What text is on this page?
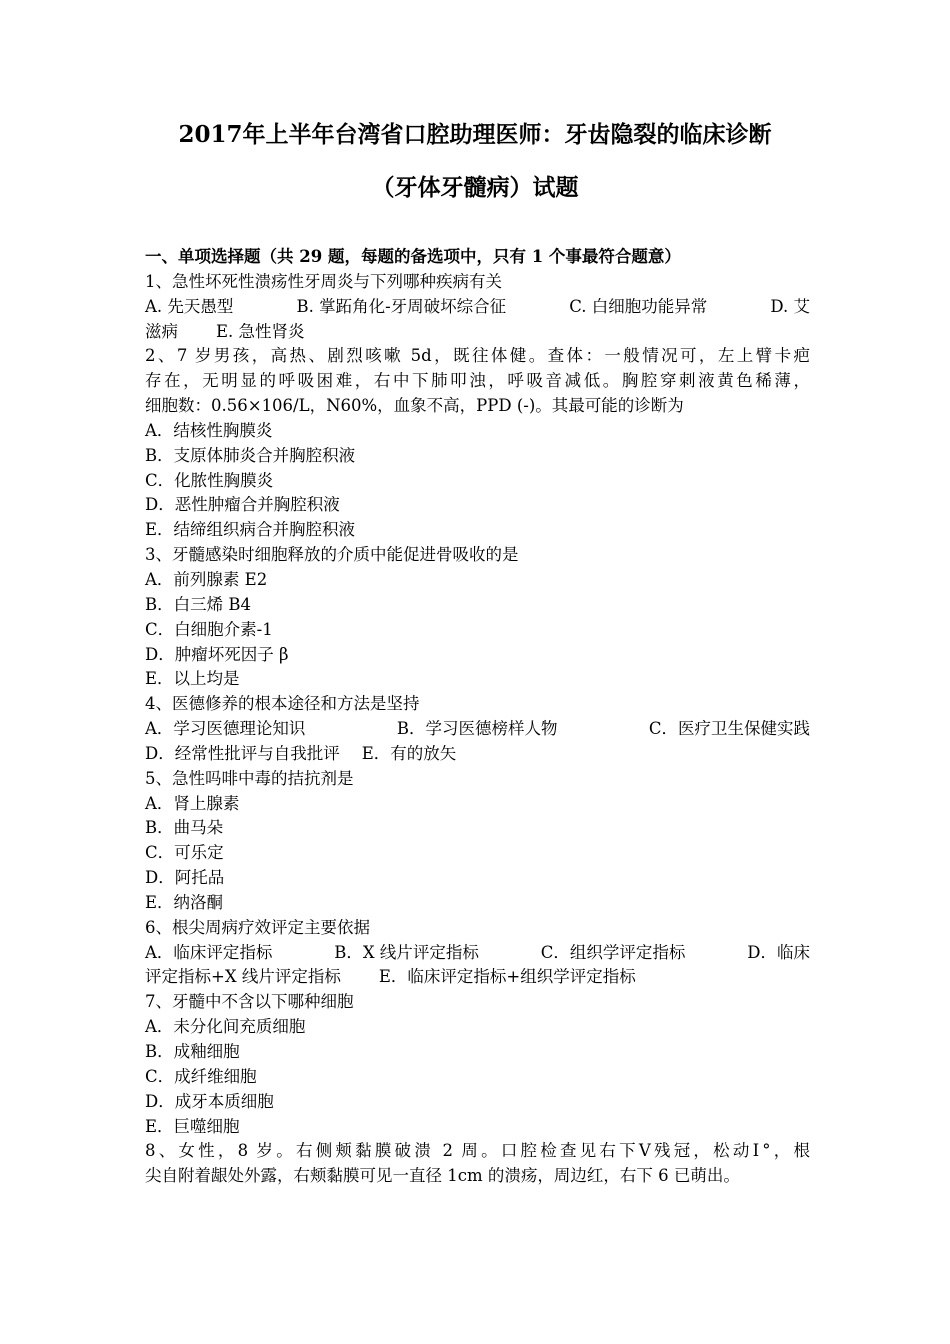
2017年上半年台湾省口腔助理医师：牙齿隐裂的临床诊断
（牙体牙髓病）试题
一、单项选择题（共 29 题，每题的备选项中，只有 1 个事最符合题意）
1、急性坏死性溃疡性牙周炎与下列哪种疾病有关
A. 先天愚型	B. 掌跖角化-牙周破坏综合征	C. 白细胞功能异常	D. 艾
滋病 E. 急性肾炎
2、7 岁男孩，高热、剧烈咳嗽 5d，既往体健。查体：一般情况可，左上臂卡疤
存在，无明显的呼吸困难，右中下肺叩浊，呼吸音减低。胸腔穿刺液黄色稀薄，
细胞数：0.56×106/L，N60%，血象不高，PPD (-)。其最可能的诊断为
A．结核性胸膜炎
B．支原体肺炎合并胸腔积液
C．化脓性胸膜炎
D．恶性肿瘤合并胸腔积液
E．结缔组织病合并胸腔积液
3、牙髓感染时细胞释放的介质中能促进骨吸收的是
A．前列腺素 E2
B．白三烯 B4
C．白细胞介素-1
D．肿瘤坏死因子 β
E．以上均是
4、医德修养的根本途径和方法是坚持
A．学习医德理论知识	B．学习医德榜样人物	C．医疗卫生保健实践
D．经常性批评与自我批评 E．有的放矢
5、急性吗啡中毒的拮抗剂是
A．肾上腺素
B．曲马朵
C．可乐定
D．阿托品
E．纳洛酮
6、根尖周病疗效评定主要依据
A．临床评定指标	B．X 线片评定指标	C．组织学评定指标	D．临床
评定指标+X 线片评定指标 E．临床评定指标+组织学评定指标
7、牙髓中不含以下哪种细胞
A．未分化间充质细胞
B．成釉细胞
C．成纤维细胞
D．成牙本质细胞
E．巨噬细胞
8、女性，8 岁。右侧颊黏膜破溃 2 周。口腔检查见右下Ⅴ残冠，松动Ⅰ°，根
尖自附着龈处外露，右颊黏膜可见一直径 1cm 的溃疡，周边红，右下 6 已萌出。
